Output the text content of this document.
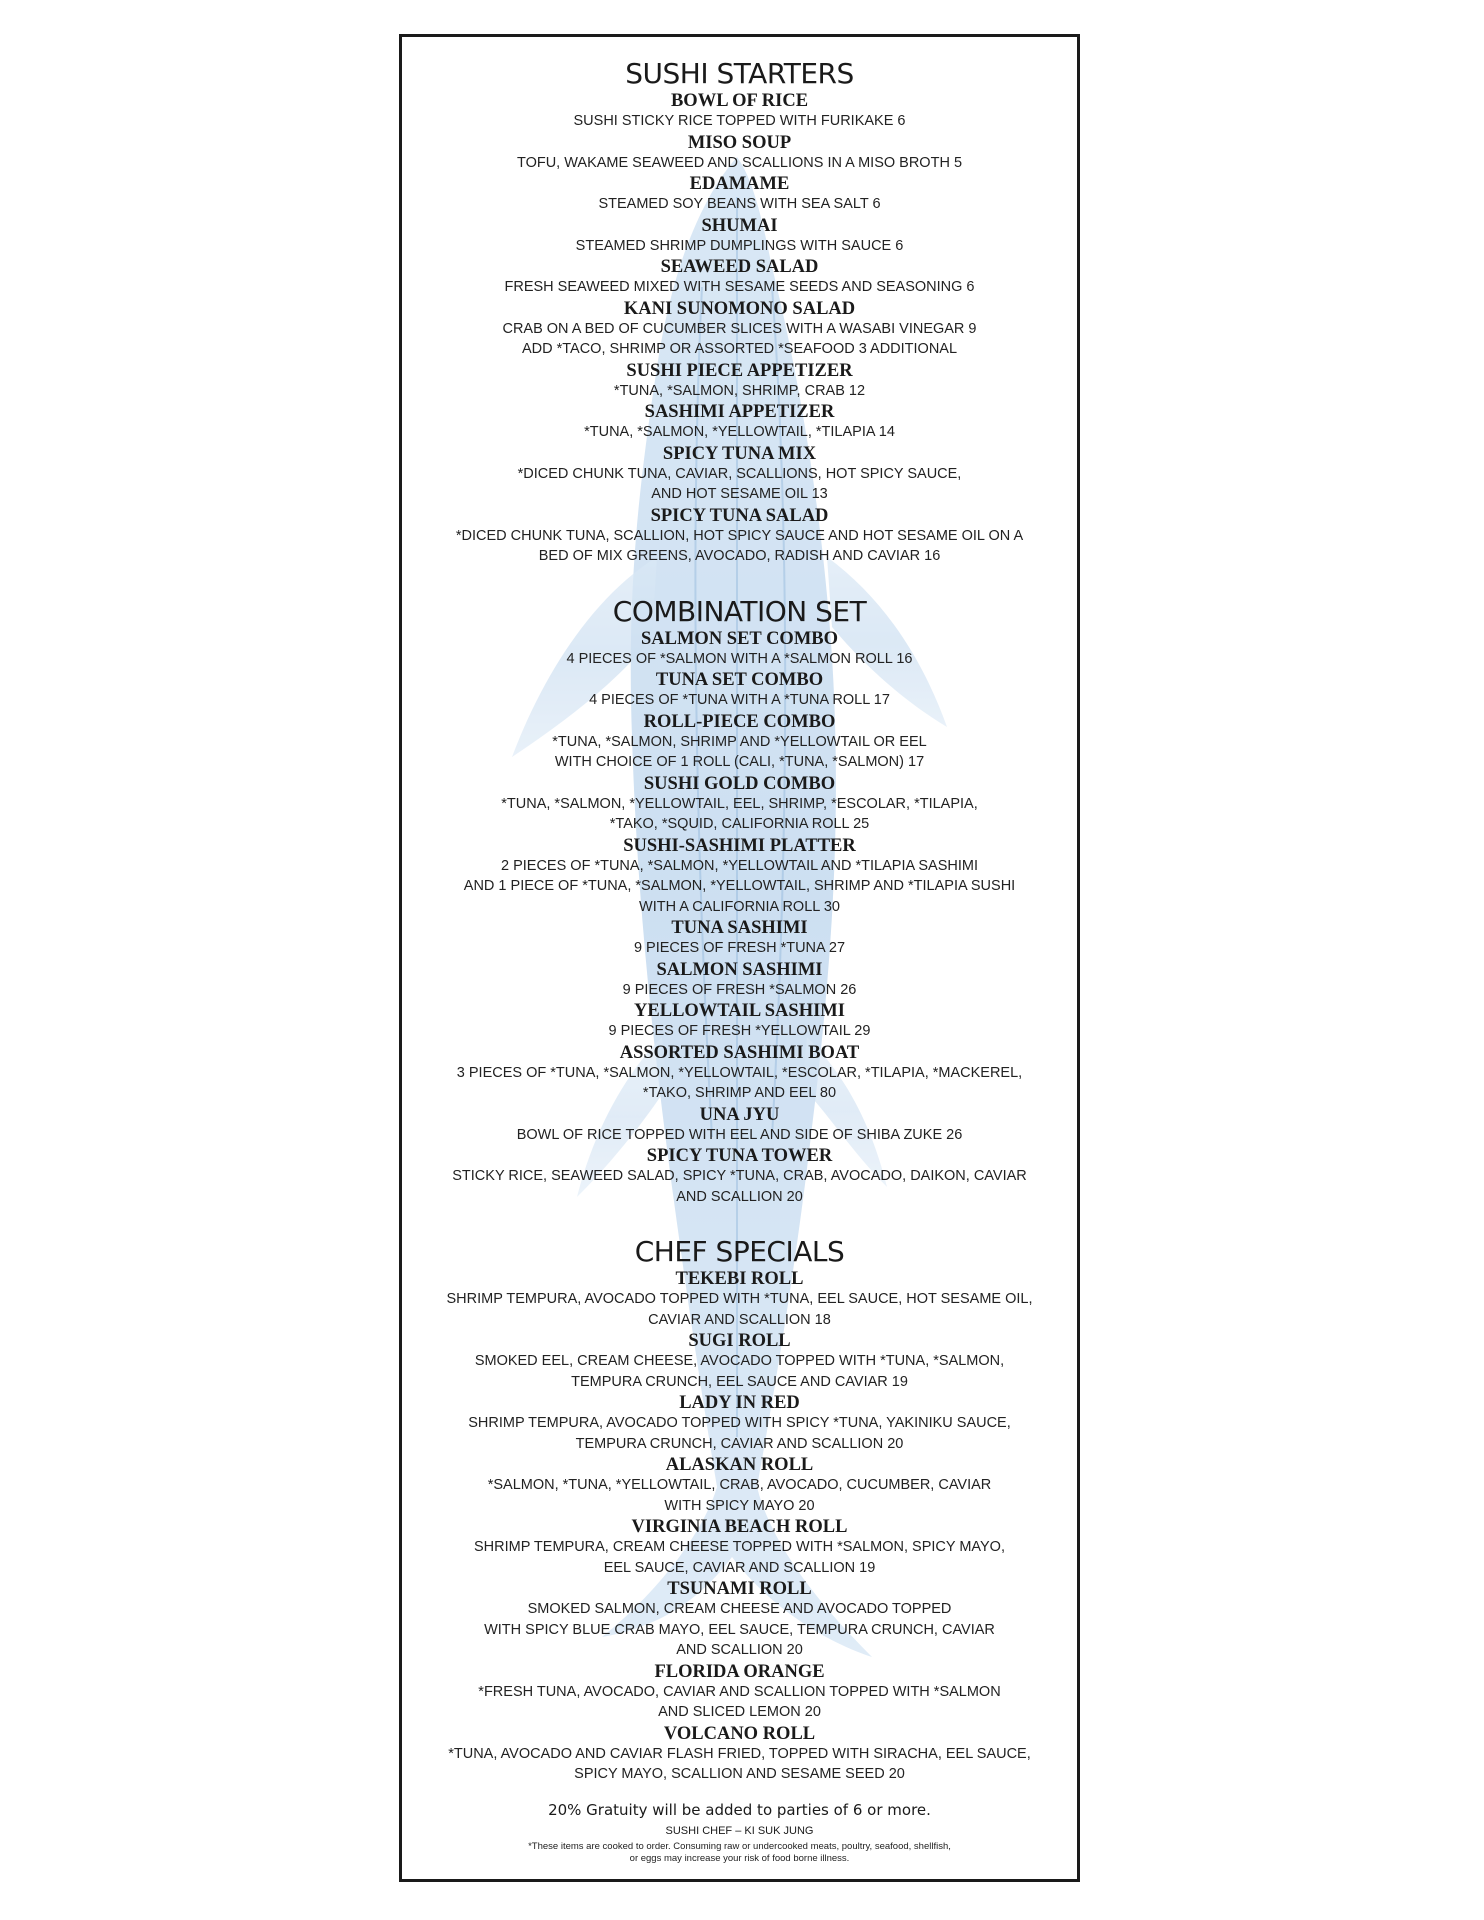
SUSHI STARTERS

BOWL OF RICE

SUSHI STICKY RICE TOPPED WITH FURIKAKE 6

MISO SOUP

TOFU, WAKAME SEAWEED AND SCALLIONS IN A MISO BROTH 5

EDAMAME

STEAMED SOY BEANS WITH SEA SALT 6

SHUMAI

STEAMED SHRIMP DUMPLINGS WITH SAUCE 6

SEAWEED SALAD

FRESH SEAWEED MIXED WITH SESAME SEEDS AND SEASONING 6

KANI SUNOMONO SALAD

CRAB ON A BED OF CUCUMBER SLICES WITH A WASABI VINEGAR 9
ADD *TACO, SHRIMP OR ASSORTED *SEAFOOD 3 ADDITIONAL

SUSHI PIECE APPETIZER

*TUNA, *SALMON, SHRIMP, CRAB 12

SASHIMI APPETIZER

*TUNA, *SALMON, *YELLOWTAIL, *TILAPIA 14

SPICY TUNA MIX

*DICED CHUNK TUNA, CAVIAR, SCALLIONS, HOT SPICY SAUCE,
AND HOT SESAME OIL 13

SPICY TUNA SALAD

*DICED CHUNK TUNA, SCALLION, HOT SPICY SAUCE AND HOT SESAME OIL ON A
BED OF MIX GREENS, AVOCADO, RADISH AND CAVIAR 16

COMBINATION SET

SALMON SET COMBO

4 PIECES OF *SALMON WITH A *SALMON ROLL 16

TUNA SET COMBO

4 PIECES OF *TUNA WITH A *TUNA ROLL 17

ROLL-PIECE COMBO

*TUNA, *SALMON, SHRIMP AND *YELLOWTAIL OR EEL
WITH CHOICE OF 1 ROLL (CALI, *TUNA, *SALMON) 17

SUSHI GOLD COMBO

*TUNA, *SALMON, *YELLOWTAIL, EEL, SHRIMP, *ESCOLAR, *TILAPIA,
*TAKO, *SQUID, CALIFORNIA ROLL 25

SUSHI-SASHIMI PLATTER

2 PIECES OF *TUNA, *SALMON, *YELLOWTAIL AND *TILAPIA SASHIMI
AND 1 PIECE OF *TUNA, *SALMON, *YELLOWTAIL, SHRIMP AND *TILAPIA SUSHI
WITH A CALIFORNIA ROLL 30

TUNA SASHIMI

9 PIECES OF FRESH *TUNA 27

SALMON SASHIMI

9 PIECES OF FRESH *SALMON 26

YELLOWTAIL SASHIMI

9 PIECES OF FRESH *YELLOWTAIL 29

ASSORTED SASHIMI BOAT

3 PIECES OF *TUNA, *SALMON, *YELLOWTAIL, *ESCOLAR, *TILAPIA, *MACKEREL,
*TAKO, SHRIMP AND EEL 80

UNA JYU

BOWL OF RICE TOPPED WITH EEL AND SIDE OF SHIBA ZUKE 26

SPICY TUNA TOWER

STICKY RICE, SEAWEED SALAD, SPICY *TUNA, CRAB, AVOCADO, DAIKON, CAVIAR
AND SCALLION 20

CHEF SPECIALS

TEKEBI ROLL

SHRIMP TEMPURA, AVOCADO TOPPED WITH *TUNA, EEL SAUCE, HOT SESAME OIL,
CAVIAR AND SCALLION 18

SUGI ROLL

SMOKED EEL, CREAM CHEESE, AVOCADO TOPPED WITH *TUNA, *SALMON,
TEMPURA CRUNCH, EEL SAUCE AND CAVIAR 19

LADY IN RED

SHRIMP TEMPURA, AVOCADO TOPPED WITH SPICY *TUNA, YAKINIKU SAUCE,
TEMPURA CRUNCH, CAVIAR AND SCALLION 20

ALASKAN ROLL

*SALMON, *TUNA, *YELLOWTAIL, CRAB, AVOCADO, CUCUMBER, CAVIAR
WITH SPICY MAYO 20

VIRGINIA BEACH ROLL

SHRIMP TEMPURA, CREAM CHEESE TOPPED WITH *SALMON, SPICY MAYO,
EEL SAUCE, CAVIAR AND SCALLION 19

TSUNAMI ROLL

SMOKED SALMON, CREAM CHEESE AND AVOCADO TOPPED
WITH SPICY BLUE CRAB MAYO, EEL SAUCE, TEMPURA CRUNCH, CAVIAR
AND SCALLION 20

FLORIDA ORANGE

*FRESH TUNA, AVOCADO, CAVIAR AND SCALLION TOPPED WITH *SALMON
AND SLICED LEMON 20

VOLCANO ROLL

*TUNA, AVOCADO AND CAVIAR FLASH FRIED, TOPPED WITH SIRACHA, EEL SAUCE,
SPICY MAYO, SCALLION AND SESAME SEED 20

20% Gratuity will be added to parties of 6 or more.

SUSHI CHEF – KI SUK JUNG

*These items are cooked to order. Consuming raw or undercooked meats, poultry, seafood, shellfish,
or eggs may increase your risk of food borne illness.
